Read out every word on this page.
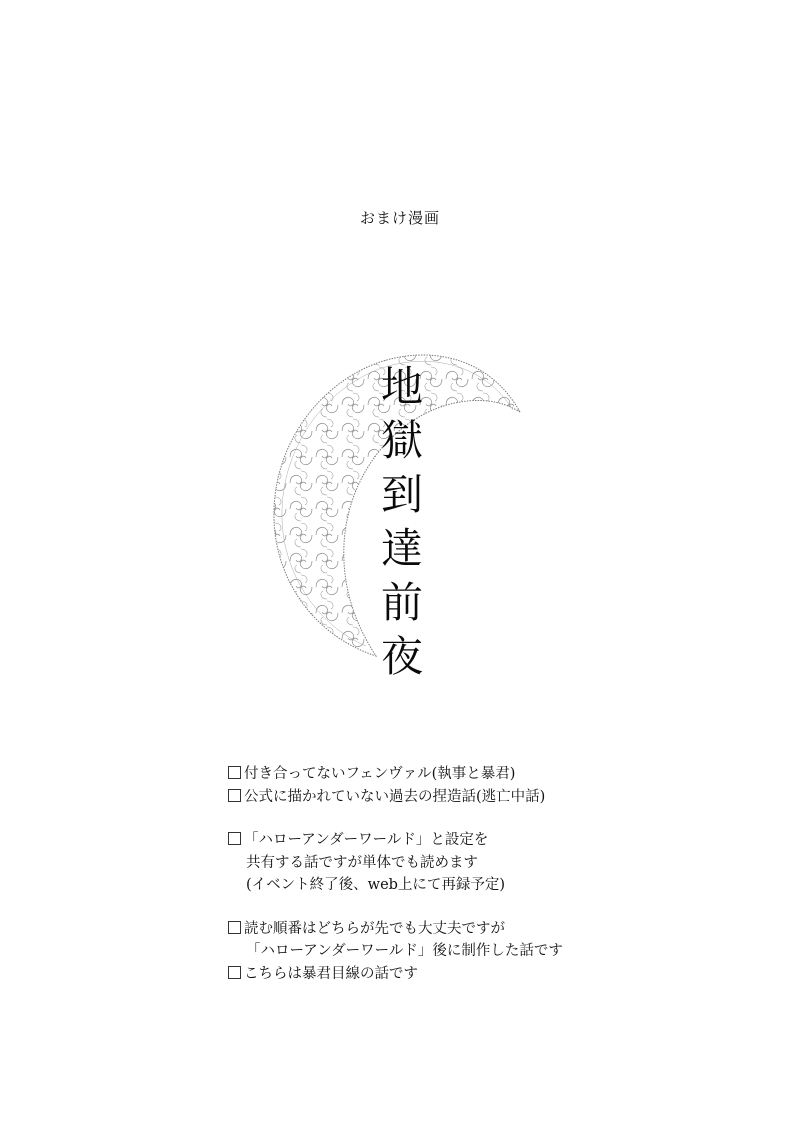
おまけ漫画
地
獄
到
達
前
夜
付き合ってないフェンヴァル(執事と暴君)
公式に描かれていない過去の捏造話(逃亡中話)
「ハローアンダーワールド」と設定を
共有する話ですが単体でも読めます
(イベント終了後、web上にて再録予定)
読む順番はどちらが先でも大丈夫ですが
「ハローアンダーワールド」後に制作した話です
こちらは暴君目線の話です
